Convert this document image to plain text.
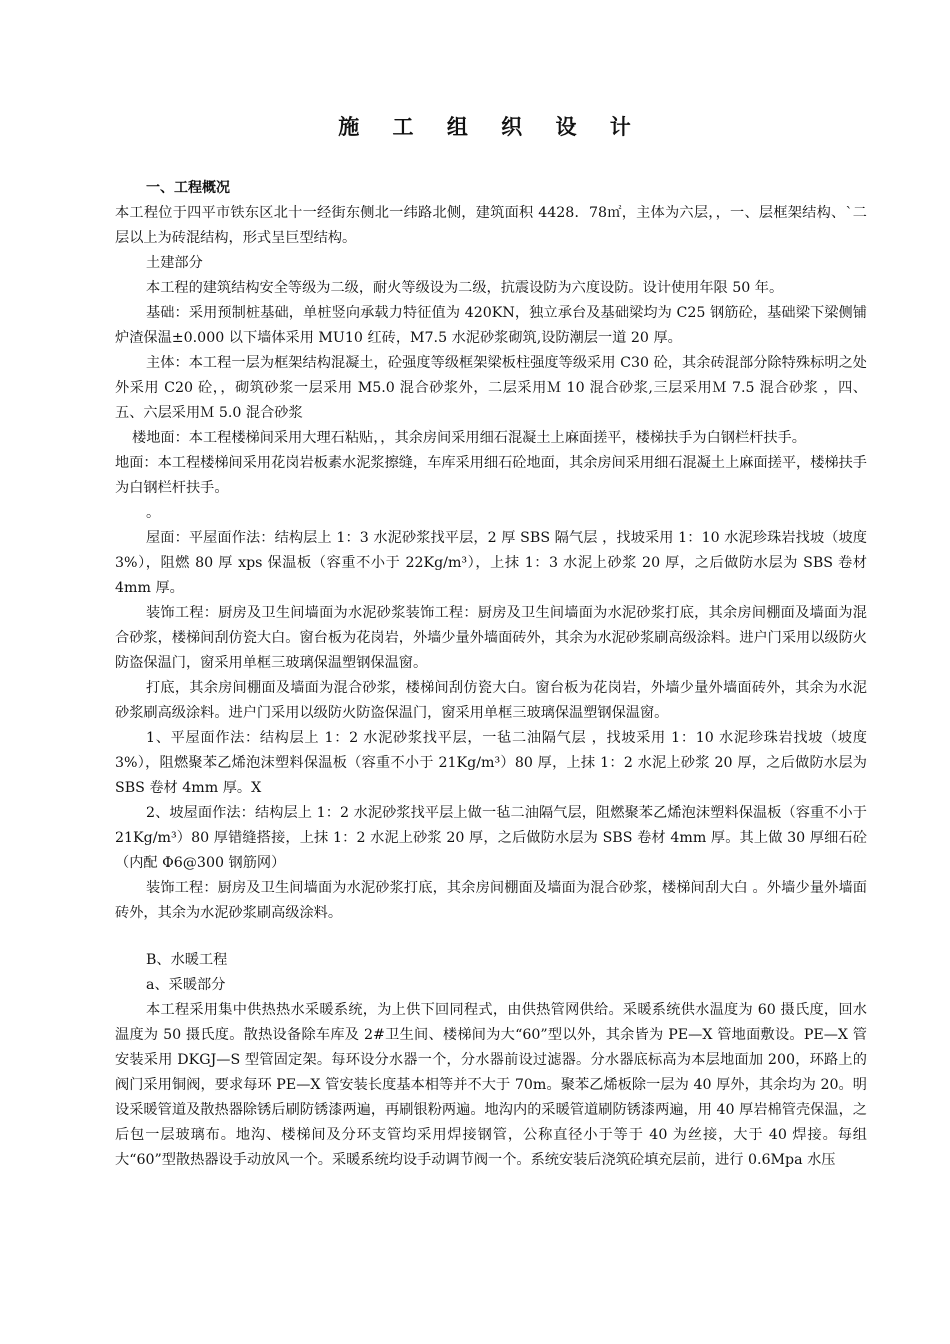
施 工 组 织 设 计

一、工程概况

本工程位于四平市铁东区北十一经街东侧北一纬路北侧，建筑面积 4428．78㎡，主体为六层，，一、层框架结构、`二层以上为砖混结构，形式呈巨型结构。

土建部分

本工程的建筑结构安全等级为二级，耐火等级设为二级，抗震设防为六度设防。设计使用年限 50 年。

基础：采用预制桩基础，单桩竖向承载力特征值为 420KN，独立承台及基础梁均为 C25 钢筋砼，基础梁下梁侧铺炉渣保温±0.000 以下墙体采用 MU10 红砖，M7.5 水泥砂浆砌筑,设防潮层一道 20 厚。

主体：本工程一层为框架结构混凝土，砼强度等级框架梁板柱强度等级采用 C30 砼，其余砖混部分除特殊标明之处外采用 C20 砼，，砌筑砂浆一层采用 M5.0 混合砂浆外，二层采用Ｍ 10 混合砂浆,三层采用Ｍ 7.5 混合砂浆 ，四、五、六层采用Ｍ 5.0 混合砂浆

楼地面：本工程楼梯间采用大理石粘贴，，其余房间采用细石混凝土上麻面搓平，楼梯扶手为白钢栏杆扶手。

地面：本工程楼梯间采用花岗岩板素水泥浆擦缝，车库采用细石砼地面，其余房间采用细石混凝土上麻面搓平，楼梯扶手为白钢栏杆扶手。

。

屋面：平屋面作法：结构层上 1：3 水泥砂浆找平层，2 厚 SBS 隔气层 ，找坡采用 1：10 水泥珍珠岩找坡（坡度 3%），阻燃 80 厚 xps 保温板（容重不小于 22Kg/m³），上抹 1：3 水泥上砂浆 20 厚，之后做防水层为 SBS 卷材 4mm 厚。

装饰工程：厨房及卫生间墙面为水泥砂浆装饰工程：厨房及卫生间墙面为水泥砂浆打底，其余房间棚面及墙面为混合砂浆，楼梯间刮仿瓷大白。窗台板为花岗岩，外墙少量外墙面砖外，其余为水泥砂浆刷高级涂料。进户门采用以级防火防盗保温门，窗采用单框三玻璃保温塑钢保温窗。

打底，其余房间棚面及墙面为混合砂浆，楼梯间刮仿瓷大白。窗台板为花岗岩，外墙少量外墙面砖外，其余为水泥砂浆刷高级涂料。进户门采用以级防火防盗保温门，窗采用单框三玻璃保温塑钢保温窗。

1、平屋面作法：结构层上 1：2 水泥砂浆找平层，一毡二油隔气层 ，找坡采用 1：10 水泥珍珠岩找坡（坡度 3%），阻燃聚苯乙烯泡沫塑料保温板（容重不小于 21Kg/m³）80 厚，上抹 1：2 水泥上砂浆 20 厚，之后做防水层为 SBS 卷材 4mm 厚。X

2、坡屋面作法：结构层上 1：2 水泥砂浆找平层上做一毡二油隔气层，阻燃聚苯乙烯泡沫塑料保温板（容重不小于 21Kg/m³）80 厚错缝搭接，上抹 1：2 水泥上砂浆 20 厚，之后做防水层为 SBS 卷材 4mm 厚。其上做 30 厚细石砼（内配 Φ6@300 钢筋网）

装饰工程：厨房及卫生间墙面为水泥砂浆打底，其余房间棚面及墙面为混合砂浆，楼梯间刮大白 。外墙少量外墙面砖外，其余为水泥砂浆刷高级涂料。

B、水暖工程

a、采暖部分

本工程采用集中供热热水采暖系统，为上供下回同程式，由供热管网供给。采暖系统供水温度为 60 摄氏度，回水温度为 50 摄氏度。散热设备除车库及 2#卫生间、楼梯间为大“60”型以外，其余皆为 PE—X 管地面敷设。PE—X 管安装采用 DKGJ—S 型管固定架。每环设分水器一个，分水器前设过滤器。分水器底标高为本层地面加 200，环路上的阀门采用铜阀，要求每环 PE—X 管安装长度基本相等并不大于 70m。聚苯乙烯板除一层为 40 厚外，其余均为 20。明设采暖管道及散热器除锈后刷防锈漆两遍，再刷银粉两遍。地沟内的采暖管道刷防锈漆两遍，用 40 厚岩棉管壳保温，之后包一层玻璃布。地沟、楼梯间及分环支管均采用焊接钢管，公称直径小于等于 40 为丝接，大于 40 焊接。每组大“60”型散热器设手动放风一个。采暖系统均设手动调节阀一个。系统安装后浇筑砼填充层前，进行 0.6Mpa 水压
